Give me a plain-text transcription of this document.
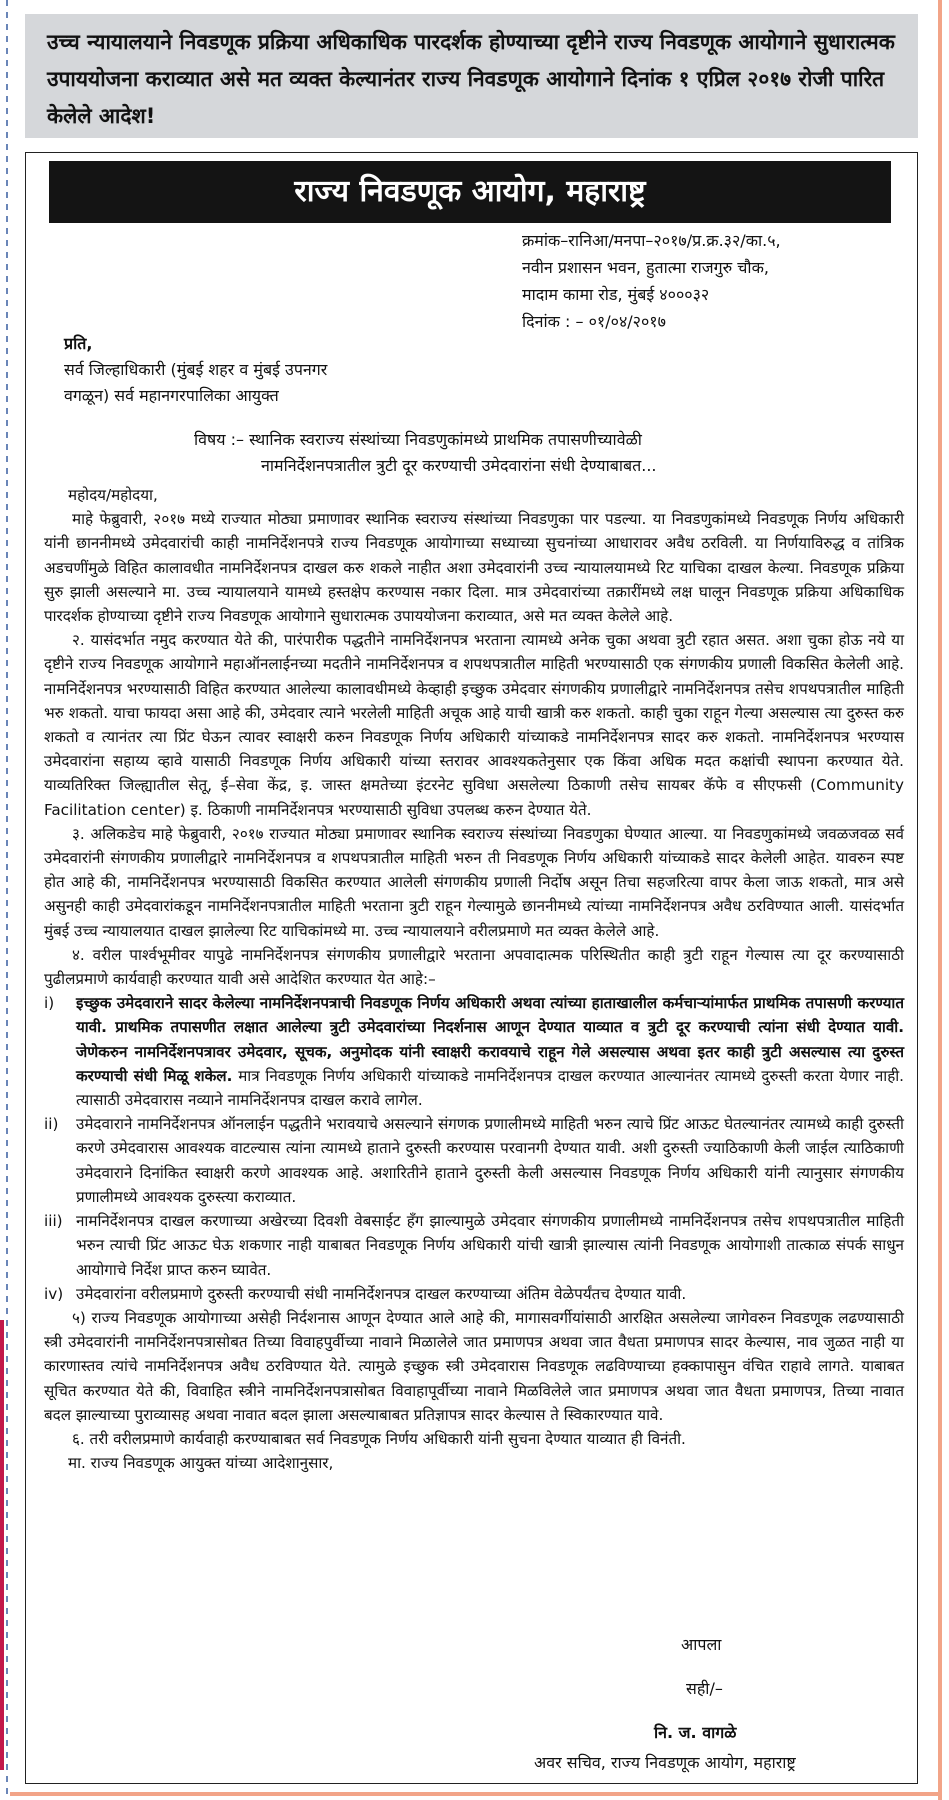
उच्च न्यायालयाने निवडणूक प्रक्रिया अधिकाधिक पारदर्शक होण्याच्या दृष्टीने राज्य निवडणूक आयोगाने सुधारात्मक उपाययोजना कराव्यात असे मत व्यक्त केल्यानंतर राज्य निवडणूक आयोगाने दिनांक १ एप्रिल २०१७ रोजी पारित केलेले आदेश!
राज्य निवडणूक आयोग, महाराष्ट्र
क्रमांक–रानिआ/मनपा–२०१७/प्र.क्र.३२/का.५,
नवीन प्रशासन भवन, हुतात्मा राजगुरु चौक,
मादाम कामा रोड, मुंबई ४०००३२
दिनांक : – ०१/०४/२०१७
प्रति,
सर्व जिल्हाधिकारी (मुंबई शहर व मुंबई उपनगर
वगळून) सर्व महानगरपालिका आयुक्त
विषय :– स्थानिक स्वराज्य संस्थांच्या निवडणुकांमध्ये प्राथमिक तपासणीच्यावेळी
नामनिर्देशनपत्रातील त्रुटी दूर करण्याची उमेदवारांना संधी देण्याबाबत...

महोदय/महोदया,

माहे फेब्रुवारी, २०१७ मध्ये राज्यात मोठ्या प्रमाणावर स्थानिक स्वराज्य संस्थांच्या निवडणुका पार पडल्या. या निवडणुकांमध्ये निवडणूक निर्णय अधिकारी यांनी छाननीमध्ये उमेदवारांची काही नामनिर्देशनपत्रे राज्य निवडणूक आयोगाच्या सध्याच्या सुचनांच्या आधारावर अवैध ठरविली. या निर्णयाविरुद्ध व तांत्रिक अडचणींमुळे विहित कालावधीत नामनिर्देशनपत्र दाखल करु शकले नाहीत अशा उमेदवारांनी उच्च न्यायालयामध्ये रिट याचिका दाखल केल्या. निवडणूक प्रक्रिया सुरु झाली असल्याने मा. उच्च न्यायालयाने यामध्ये हस्तक्षेप करण्यास नकार दिला. मात्र उमेदवारांच्या तक्रारींमध्ये लक्ष घालून निवडणूक प्रक्रिया अधिकाधिक पारदर्शक होण्याच्या दृष्टीने राज्य निवडणूक आयोगाने सुधारात्मक उपाययोजना कराव्यात, असे मत व्यक्त केलेले आहे.

२. यासंदर्भात नमुद करण्यात येते की, पारंपारीक पद्धतीने नामनिर्देशनपत्र भरताना त्यामध्ये अनेक चुका अथवा त्रुटी रहात असत. अशा चुका होऊ नये या दृष्टीने राज्य निवडणूक आयोगाने महाऑनलाईनच्या मदतीने नामनिर्देशनपत्र व शपथपत्रातील माहिती भरण्यासाठी एक संगणकीय प्रणाली विकसित केलेली आहे. नामनिर्देशनपत्र भरण्यासाठी विहित करण्यात आलेल्या कालावधीमध्ये केव्हाही इच्छुक उमेदवार संगणकीय प्रणालीद्वारे नामनिर्देशनपत्र तसेच शपथपत्रातील माहिती भरु शकतो. याचा फायदा असा आहे की, उमेदवार त्याने भरलेली माहिती अचूक आहे याची खात्री करु शकतो. काही चुका राहून गेल्या असल्यास त्या दुरुस्त करु शकतो व त्यानंतर त्या प्रिंट घेऊन त्यावर स्वाक्षरी करुन निवडणूक निर्णय अधिकारी यांच्याकडे नामनिर्देशनपत्र सादर करु शकतो. नामनिर्देशनपत्र भरण्यास उमेदवारांना सहाय्य व्हावे यासाठी निवडणूक निर्णय अधिकारी यांच्या स्तरावर आवश्यकतेनुसार एक किंवा अधिक मदत कक्षांची स्थापना करण्यात येते. याव्यतिरिक्त जिल्ह्यातील सेतू, ई–सेवा केंद्र, इ. जास्त क्षमतेच्या इंटरनेट सुविधा असलेल्या ठिकाणी तसेच सायबर कॅफे व सीएफसी (Community Facilitation center) इ. ठिकाणी नामनिर्देशनपत्र भरण्यासाठी सुविधा उपलब्ध करुन देण्यात येते.

३. अलिकडेच माहे फेब्रुवारी, २०१७ राज्यात मोठ्या प्रमाणावर स्थानिक स्वराज्य संस्थांच्या निवडणुका घेण्यात आल्या. या निवडणुकांमध्ये जवळजवळ सर्व उमेदवारांनी संगणकीय प्रणालीद्वारे नामनिर्देशनपत्र व शपथपत्रातील माहिती भरुन ती निवडणूक निर्णय अधिकारी यांच्याकडे सादर केलेली आहेत. यावरुन स्पष्ट होत आहे की, नामनिर्देशनपत्र भरण्यासाठी विकसित करण्यात आलेली संगणकीय प्रणाली निर्दोष असून तिचा सहजरित्या वापर केला जाऊ शकतो, मात्र असे असुनही काही उमेदवारांकडून नामनिर्देशनपत्रातील माहिती भरताना त्रुटी राहून गेल्यामुळे छाननीमध्ये त्यांच्या नामनिर्देशनपत्र अवैध ठरविण्यात आली. यासंदर्भात मुंबई उच्च न्यायालयात दाखल झालेल्या रिट याचिकांमध्ये मा. उच्च न्यायालयाने वरीलप्रमाणे मत व्यक्त केलेले आहे.

४. वरील पार्श्वभूमीवर यापुढे नामनिर्देशनपत्र संगणकीय प्रणालीद्वारे भरताना अपवादात्मक परिस्थितीत काही त्रुटी राहून गेल्यास त्या दूर करण्यासाठी पुढीलप्रमाणे कार्यवाही करण्यात यावी असे आदेशित करण्यात येत आहे:–

i) इच्छुक उमेदवाराने सादर केलेल्या नामनिर्देशनपत्राची निवडणूक निर्णय अधिकारी अथवा त्यांच्या हाताखालील कर्मचाऱ्यांमार्फत प्राथमिक तपासणी करण्यात यावी. प्राथमिक तपासणीत लक्षात आलेल्या त्रुटी उमेदवारांच्या निदर्शनास आणून देण्यात याव्यात व त्रुटी दूर करण्याची त्यांना संधी देण्यात यावी. जेणेकरुन नामनिर्देशनपत्रावर उमेदवार, सूचक, अनुमोदक यांनी स्वाक्षरी करावयाचे राहून गेले असल्यास अथवा इतर काही त्रुटी असल्यास त्या दुरुस्त करण्याची संधी मिळू शकेल. मात्र निवडणूक निर्णय अधिकारी यांच्याकडे नामनिर्देशनपत्र दाखल करण्यात आल्यानंतर त्यामध्ये दुरुस्ती करता येणार नाही. त्यासाठी उमेदवारास नव्याने नामनिर्देशनपत्र दाखल करावे लागेल.
ii) उमेदवाराने नामनिर्देशनपत्र ऑनलाईन पद्धतीने भरावयाचे असल्याने संगणक प्रणालीमध्ये माहिती भरुन त्याचे प्रिंट आऊट घेतल्यानंतर त्यामध्ये काही दुरुस्ती करणे उमेदवारास आवश्यक वाटल्यास त्यांना त्यामध्ये हाताने दुरुस्ती करण्यास परवानगी देण्यात यावी. अशी दुरुस्ती ज्याठिकाणी केली जाईल त्याठिकाणी उमेदवाराने दिनांकित स्वाक्षरी करणे आवश्यक आहे. अशारितीने हाताने दुरुस्ती केली असल्यास निवडणूक निर्णय अधिकारी यांनी त्यानुसार संगणकीय प्रणालीमध्ये आवश्यक दुरुस्त्या कराव्यात.
iii) नामनिर्देशनपत्र दाखल करणाच्या अखेरच्या दिवशी वेबसाईट हँग झाल्यामुळे उमेदवार संगणकीय प्रणालीमध्ये नामनिर्देशनपत्र तसेच शपथपत्रातील माहिती भरुन त्याची प्रिंट आऊट घेऊ शकणार नाही याबाबत निवडणूक निर्णय अधिकारी यांची खात्री झाल्यास त्यांनी निवडणूक आयोगाशी तात्काळ संपर्क साधुन आयोगाचे निर्देश प्राप्त करुन घ्यावेत.
iv) उमेदवारांना वरीलप्रमाणे दुरुस्ती करण्याची संधी नामनिर्देशनपत्र दाखल करण्याच्या अंतिम वेळेपर्यंतच देण्यात यावी.

५) राज्य निवडणूक आयोगाच्या असेही निर्दशनास आणून देण्यात आले आहे की, मागासवर्गीयांसाठी आरक्षित असलेल्या जागेवरुन निवडणूक लढण्यासाठी स्त्री उमेदवारांनी नामनिर्देशनपत्रासोबत तिच्या विवाहपुर्वीच्या नावाने मिळालेले जात प्रमाणपत्र अथवा जात वैधता प्रमाणपत्र सादर केल्यास, नाव जुळत नाही या कारणास्तव त्यांचे नामनिर्देशनपत्र अवैध ठरविण्यात येते. त्यामुळे इच्छुक स्त्री उमेदवारास निवडणूक लढविण्याच्या हक्कापासुन वंचित राहावे लागते. याबाबत सूचित करण्यात येते की, विवाहित स्त्रीने नामनिर्देशनपत्रासोबत विवाहापूर्वीच्या नावाने मिळविलेले जात प्रमाणपत्र अथवा जात वैधता प्रमाणपत्र, तिच्या नावात बदल झाल्याच्या पुराव्यासह अथवा नावात बदल झाला असल्याबाबत प्रतिज्ञापत्र सादर केल्यास ते स्विकारण्यात यावे.

६. तरी वरीलप्रमाणे कार्यवाही करण्याबाबत सर्व निवडणूक निर्णय अधिकारी यांनी सुचना देण्यात याव्यात ही विनंती.

मा. राज्य निवडणूक आयुक्त यांच्या आदेशानुसार,

आपला
सही/–
नि. ज. वागळे
अवर सचिव, राज्य निवडणूक आयोग, महाराष्ट्र
